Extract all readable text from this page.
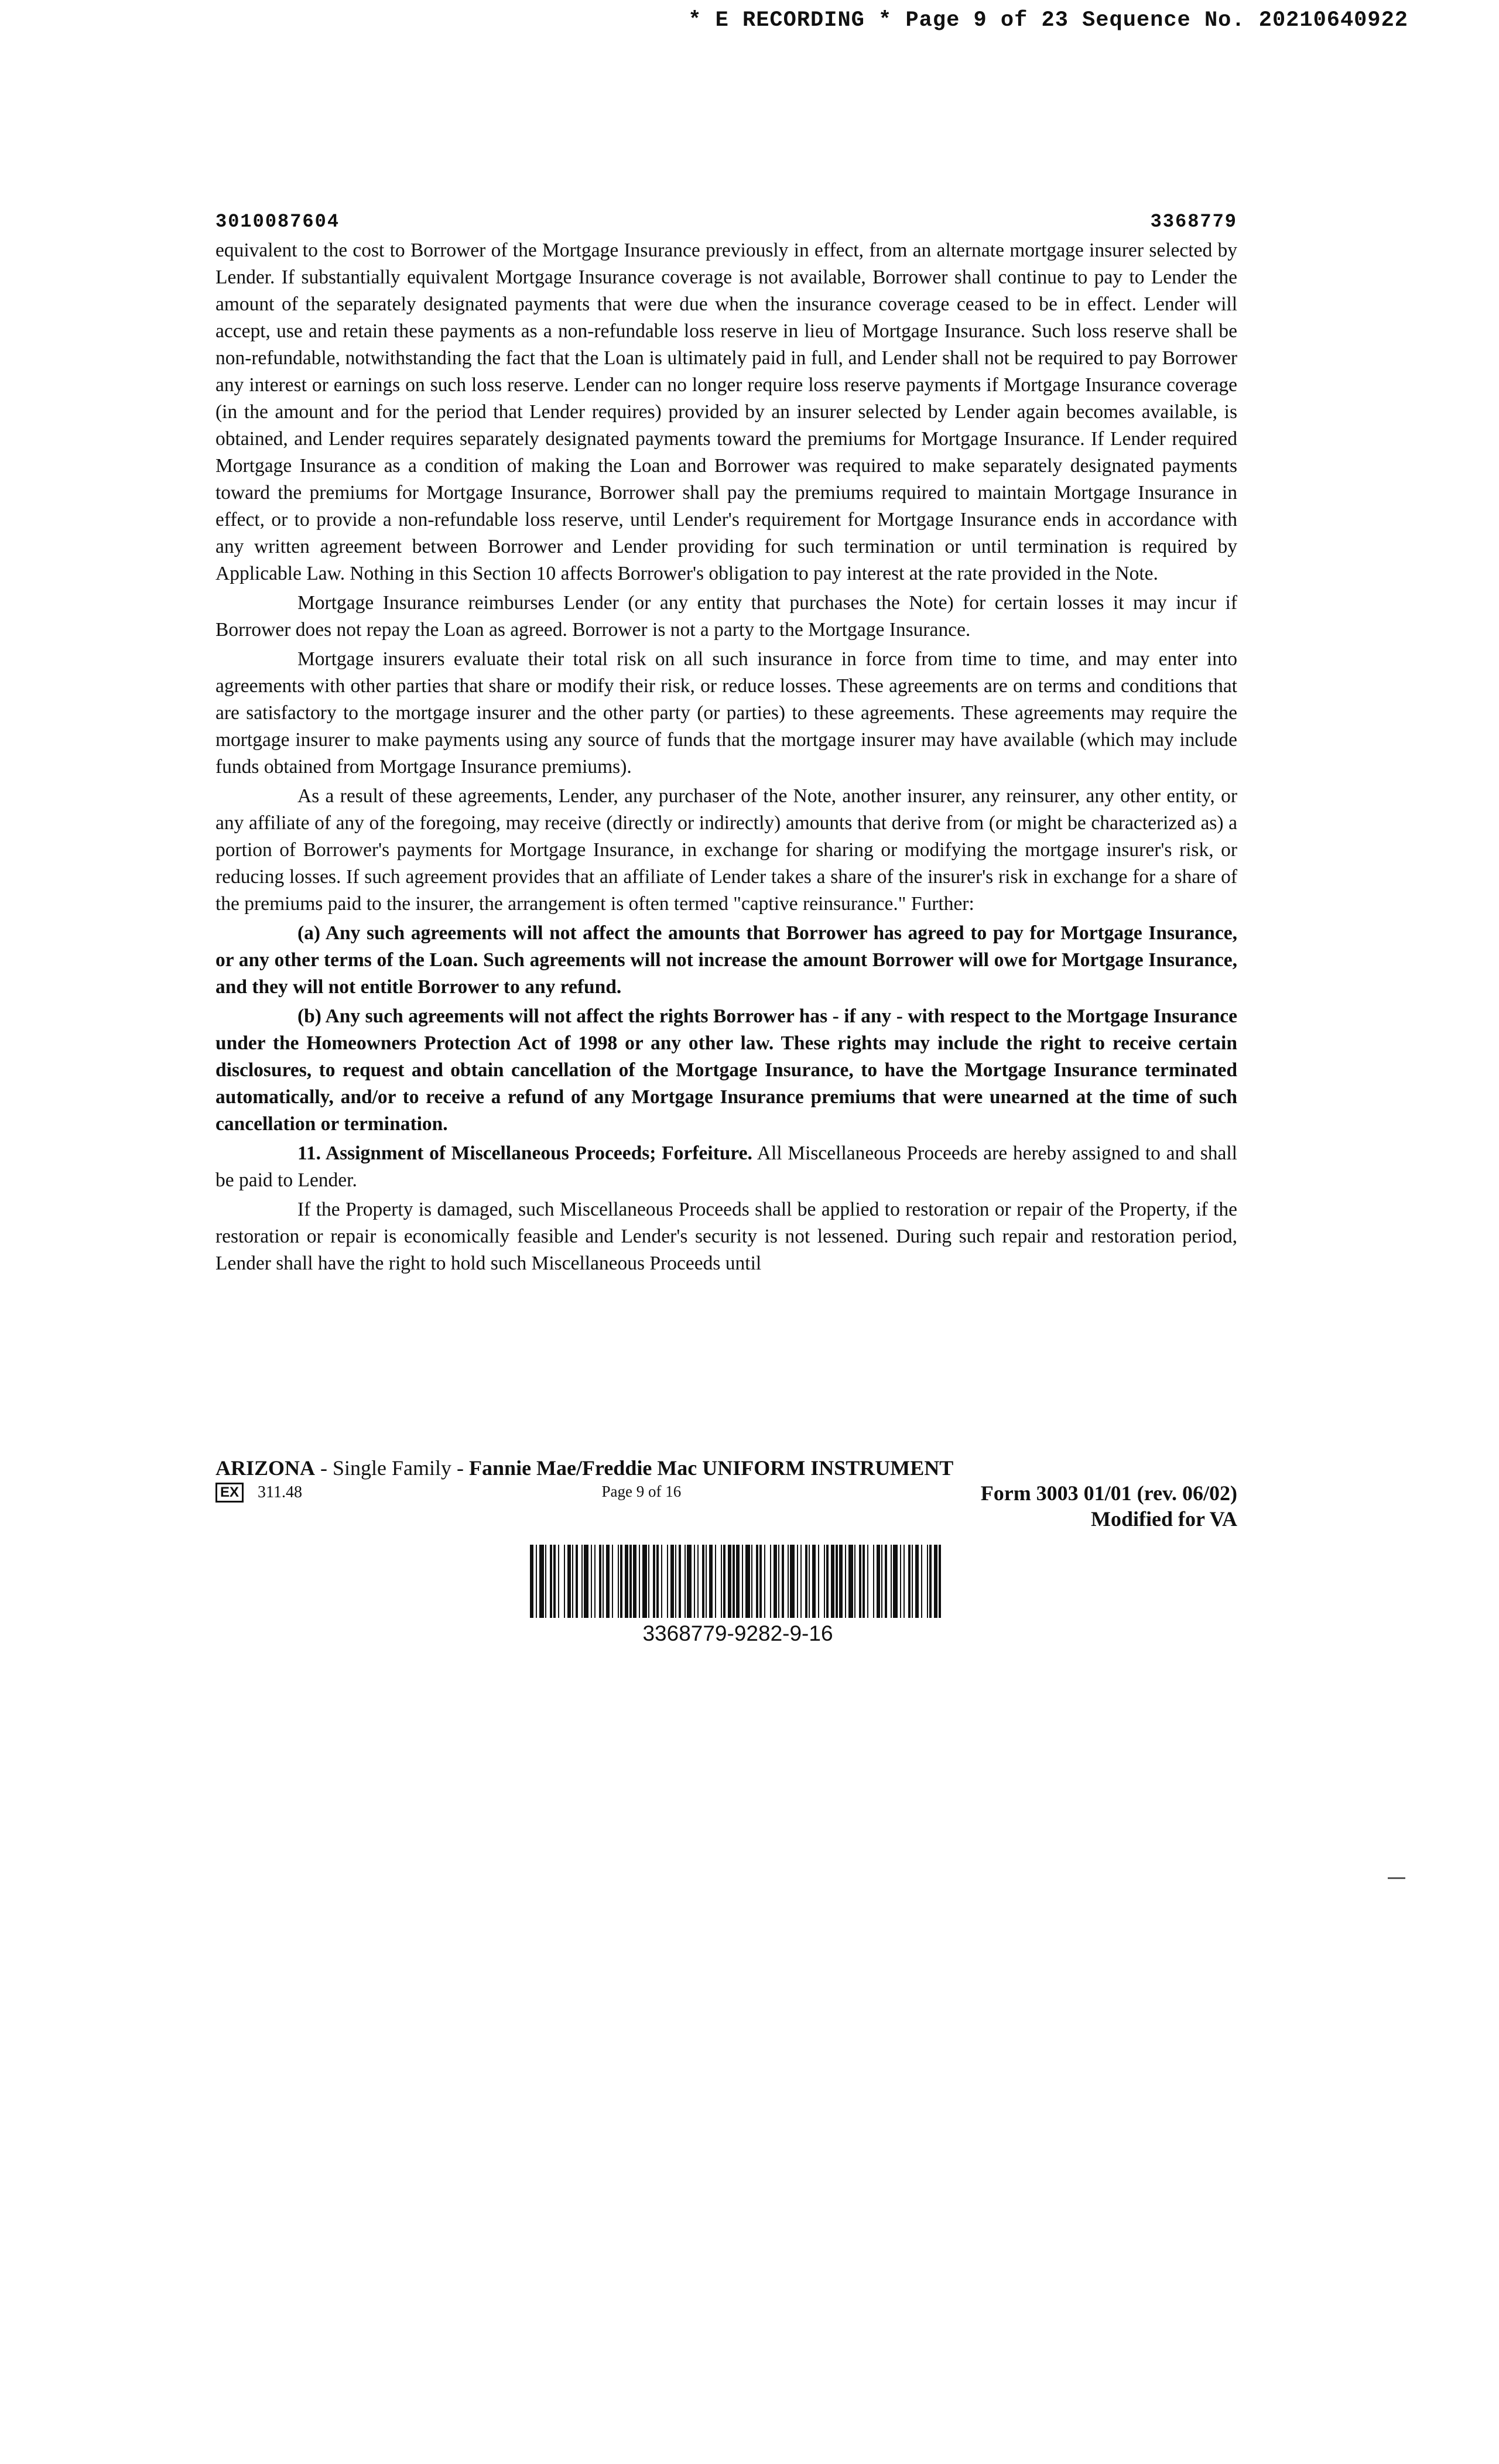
* E RECORDING * Page 9 of 23 Sequence No. 20210640922
3010087604	3368779

equivalent to the cost to Borrower of the Mortgage Insurance previously in effect, from an alternate mortgage insurer selected by Lender. If substantially equivalent Mortgage Insurance coverage is not available, Borrower shall continue to pay to Lender the amount of the separately designated payments that were due when the insurance coverage ceased to be in effect. Lender will accept, use and retain these payments as a non-refundable loss reserve in lieu of Mortgage Insurance. Such loss reserve shall be non-refundable, notwithstanding the fact that the Loan is ultimately paid in full, and Lender shall not be required to pay Borrower any interest or earnings on such loss reserve. Lender can no longer require loss reserve payments if Mortgage Insurance coverage (in the amount and for the period that Lender requires) provided by an insurer selected by Lender again becomes available, is obtained, and Lender requires separately designated payments toward the premiums for Mortgage Insurance. If Lender required Mortgage Insurance as a condition of making the Loan and Borrower was required to make separately designated payments toward the premiums for Mortgage Insurance, Borrower shall pay the premiums required to maintain Mortgage Insurance in effect, or to provide a non-refundable loss reserve, until Lender's requirement for Mortgage Insurance ends in accordance with any written agreement between Borrower and Lender providing for such termination or until termination is required by Applicable Law. Nothing in this Section 10 affects Borrower's obligation to pay interest at the rate provided in the Note.

Mortgage Insurance reimburses Lender (or any entity that purchases the Note) for certain losses it may incur if Borrower does not repay the Loan as agreed. Borrower is not a party to the Mortgage Insurance.

Mortgage insurers evaluate their total risk on all such insurance in force from time to time, and may enter into agreements with other parties that share or modify their risk, or reduce losses. These agreements are on terms and conditions that are satisfactory to the mortgage insurer and the other party (or parties) to these agreements. These agreements may require the mortgage insurer to make payments using any source of funds that the mortgage insurer may have available (which may include funds obtained from Mortgage Insurance premiums).

As a result of these agreements, Lender, any purchaser of the Note, another insurer, any reinsurer, any other entity, or any affiliate of any of the foregoing, may receive (directly or indirectly) amounts that derive from (or might be characterized as) a portion of Borrower's payments for Mortgage Insurance, in exchange for sharing or modifying the mortgage insurer's risk, or reducing losses. If such agreement provides that an affiliate of Lender takes a share of the insurer's risk in exchange for a share of the premiums paid to the insurer, the arrangement is often termed "captive reinsurance." Further:

(a) Any such agreements will not affect the amounts that Borrower has agreed to pay for Mortgage Insurance, or any other terms of the Loan. Such agreements will not increase the amount Borrower will owe for Mortgage Insurance, and they will not entitle Borrower to any refund.

(b) Any such agreements will not affect the rights Borrower has - if any - with respect to the Mortgage Insurance under the Homeowners Protection Act of 1998 or any other law. These rights may include the right to receive certain disclosures, to request and obtain cancellation of the Mortgage Insurance, to have the Mortgage Insurance terminated automatically, and/or to receive a refund of any Mortgage Insurance premiums that were unearned at the time of such cancellation or termination.

11. Assignment of Miscellaneous Proceeds; Forfeiture. All Miscellaneous Proceeds are hereby assigned to and shall be paid to Lender.

If the Property is damaged, such Miscellaneous Proceeds shall be applied to restoration or repair of the Property, if the restoration or repair is economically feasible and Lender's security is not lessened. During such repair and restoration period, Lender shall have the right to hold such Miscellaneous Proceeds until

ARIZONA - Single Family - Fannie Mae/Freddie Mac UNIFORM INSTRUMENT
EX 311.48	Page 9 of 16	Form 3003 01/01 (rev. 06/02)
Modified for VA
3368779-9282-9-16
